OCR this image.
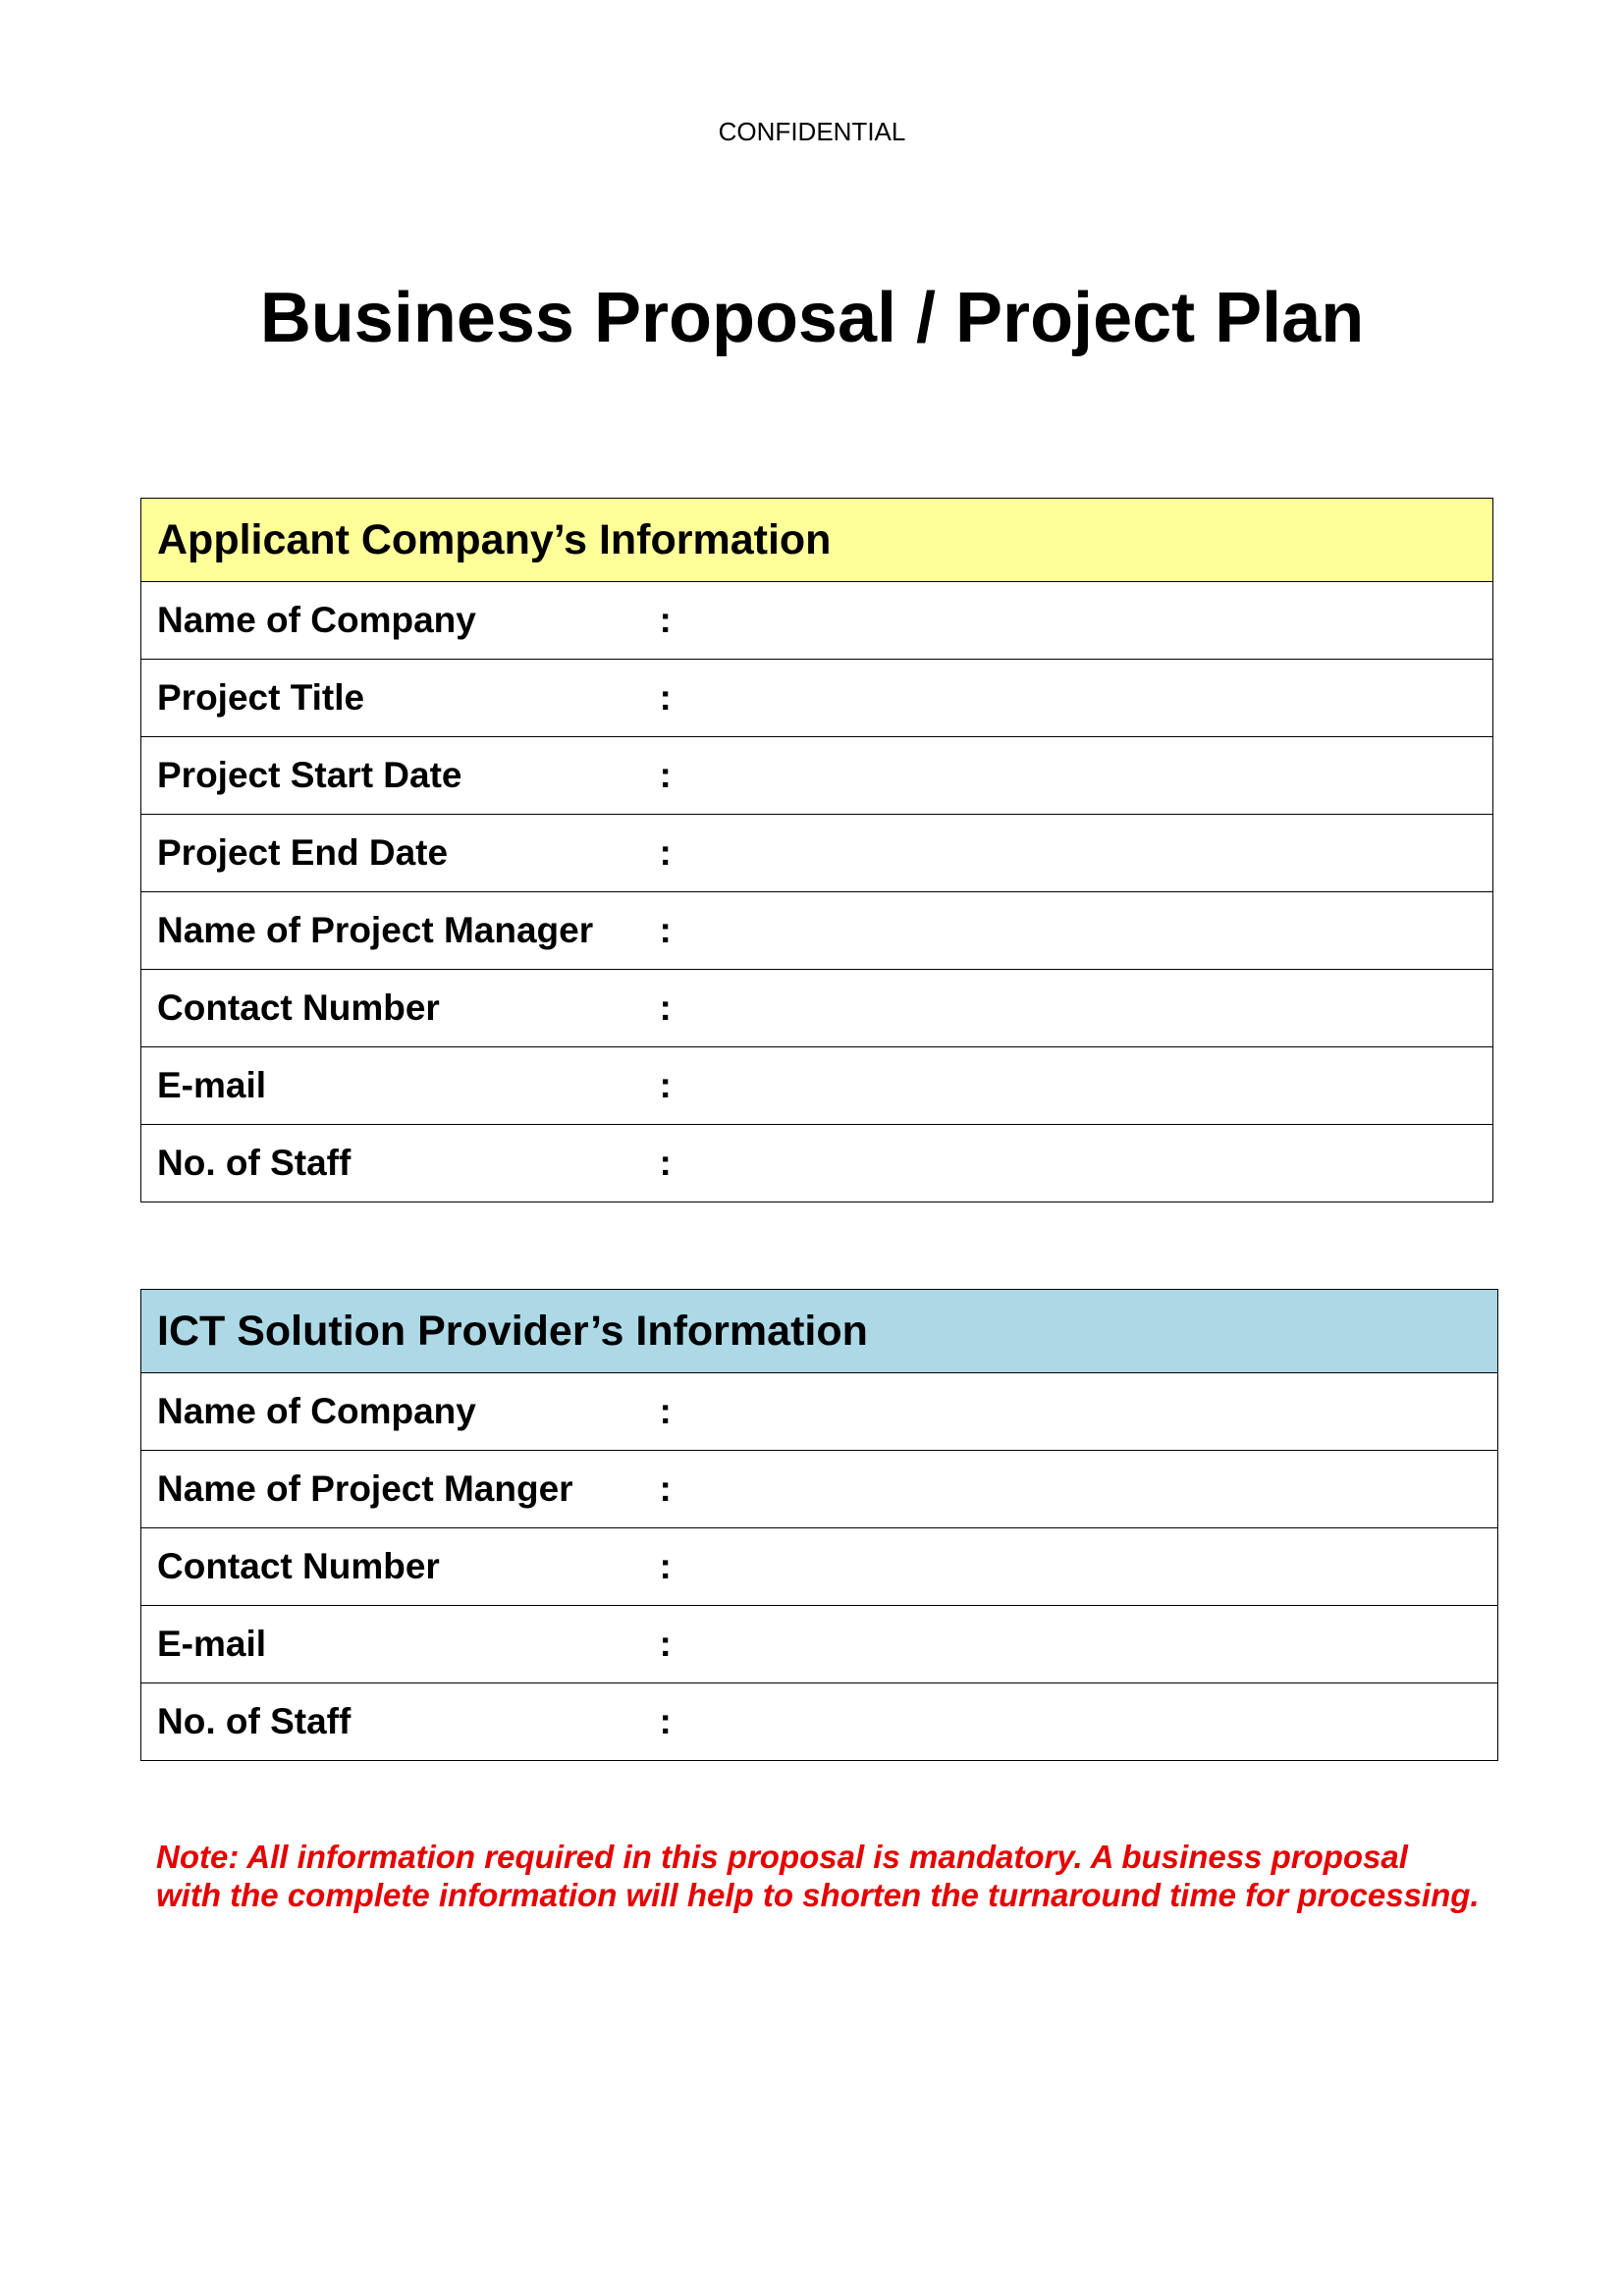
CONFIDENTIAL
Business Proposal / Project Plan
Applicant Company’s Information	
Name of Company	:
Project Title	:
Project Start Date	:
Project End Date	:
Name of Project Manager	:
Contact Number	:
E-mail	:
No. of Staff	:
ICT Solution Provider’s Information	
Name of Company	:
Name of Project Manger	:
Contact Number	:
E-mail	:
No. of Staff	:

Note: All information required in this proposal is mandatory. A business proposal with the complete information will help to shorten the turnaround time for processing.
